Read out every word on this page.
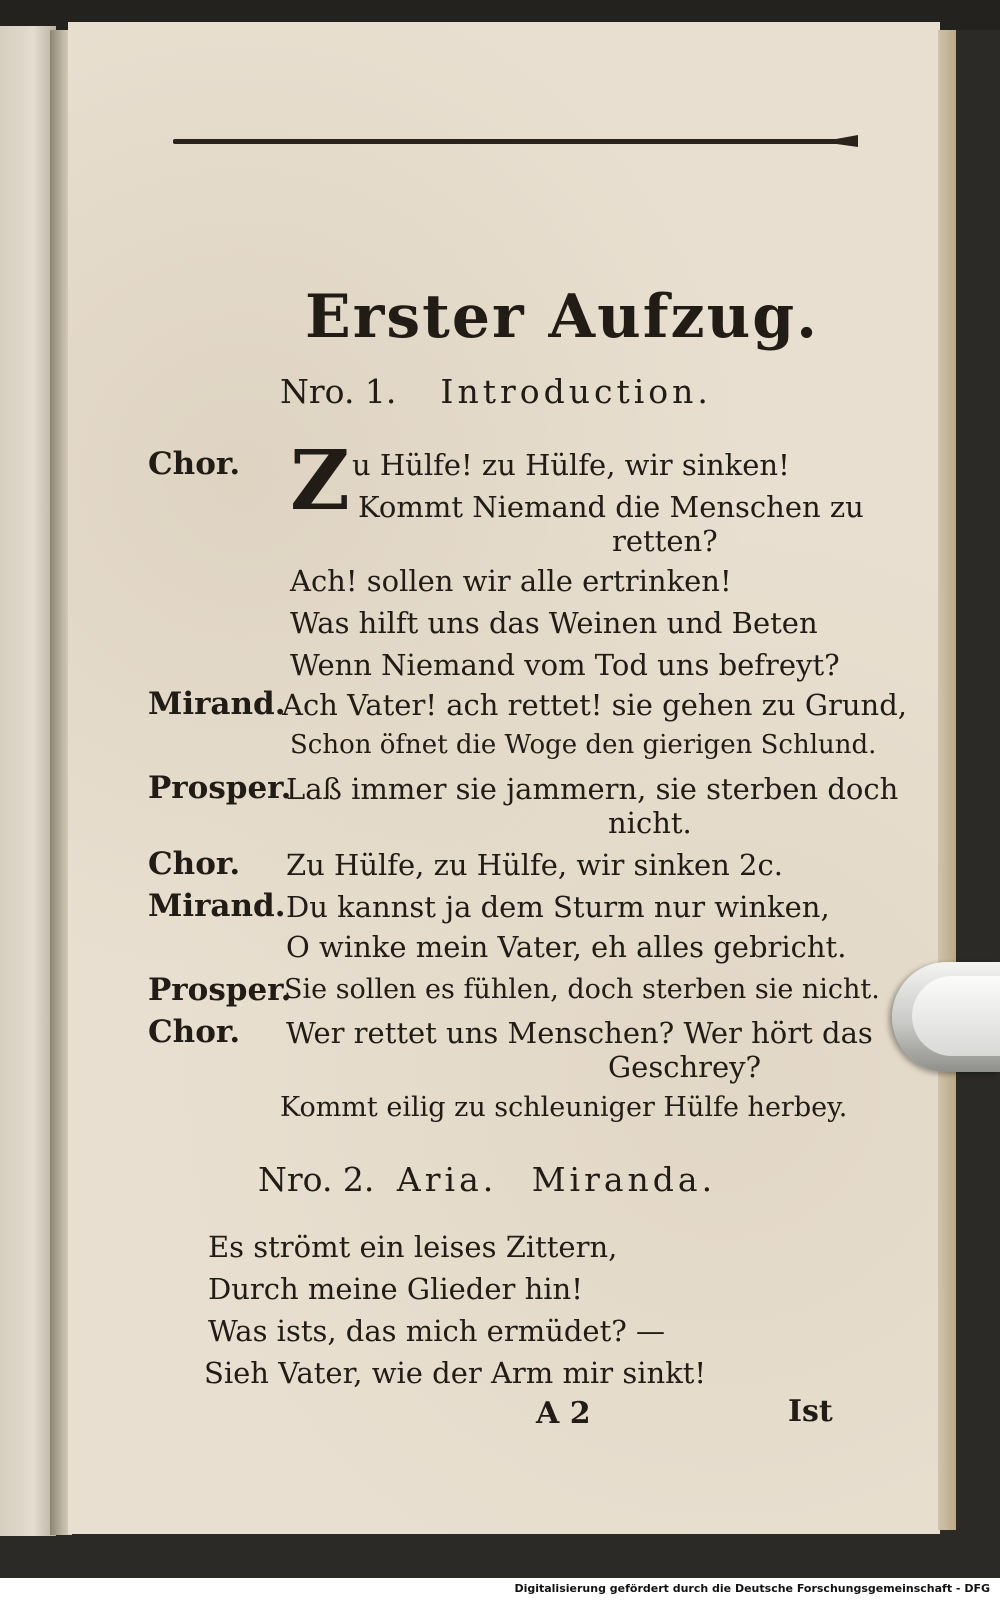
Erster Aufzug.
Nro. 1. Introduction.
Z
Chor.	u Hülfe! zu Hülfe, wir sinken!
Kommt Niemand die Menschen zu
retten?
Ach! sollen wir alle ertrinken!
Was hilft uns das Weinen und Beten
Wenn Niemand vom Tod uns befreyt?
Mirand.
Ach Vater! ach rettet! sie gehen zu Grund,
Schon öfnet die Woge den gierigen Schlund.
Prosper.
Laß immer sie jammern, sie sterben doch
nicht.
Chor. Zu Hülfe, zu Hülfe, wir sinken 2c.
Mirand. Du kannst ja dem Sturm nur winken,
O winke mein Vater, eh alles gebricht.
Prosper.
Sie sollen es fühlen, doch sterben sie nicht.
Chor. Wer rettet uns Menschen? Wer hört das
Geschrey?
Kommt eilig zu schleuniger Hülfe herbey.
Nro. 2. Aria. Miranda.
Es strömt ein leises Zittern,
Durch meine Glieder hin!
Was ists, das mich ermüdet? —
Sieh Vater, wie der Arm mir sinkt!
A 2	Ist
Digitalisierung gefördert durch die Deutsche Forschungsgemeinschaft - DFG
